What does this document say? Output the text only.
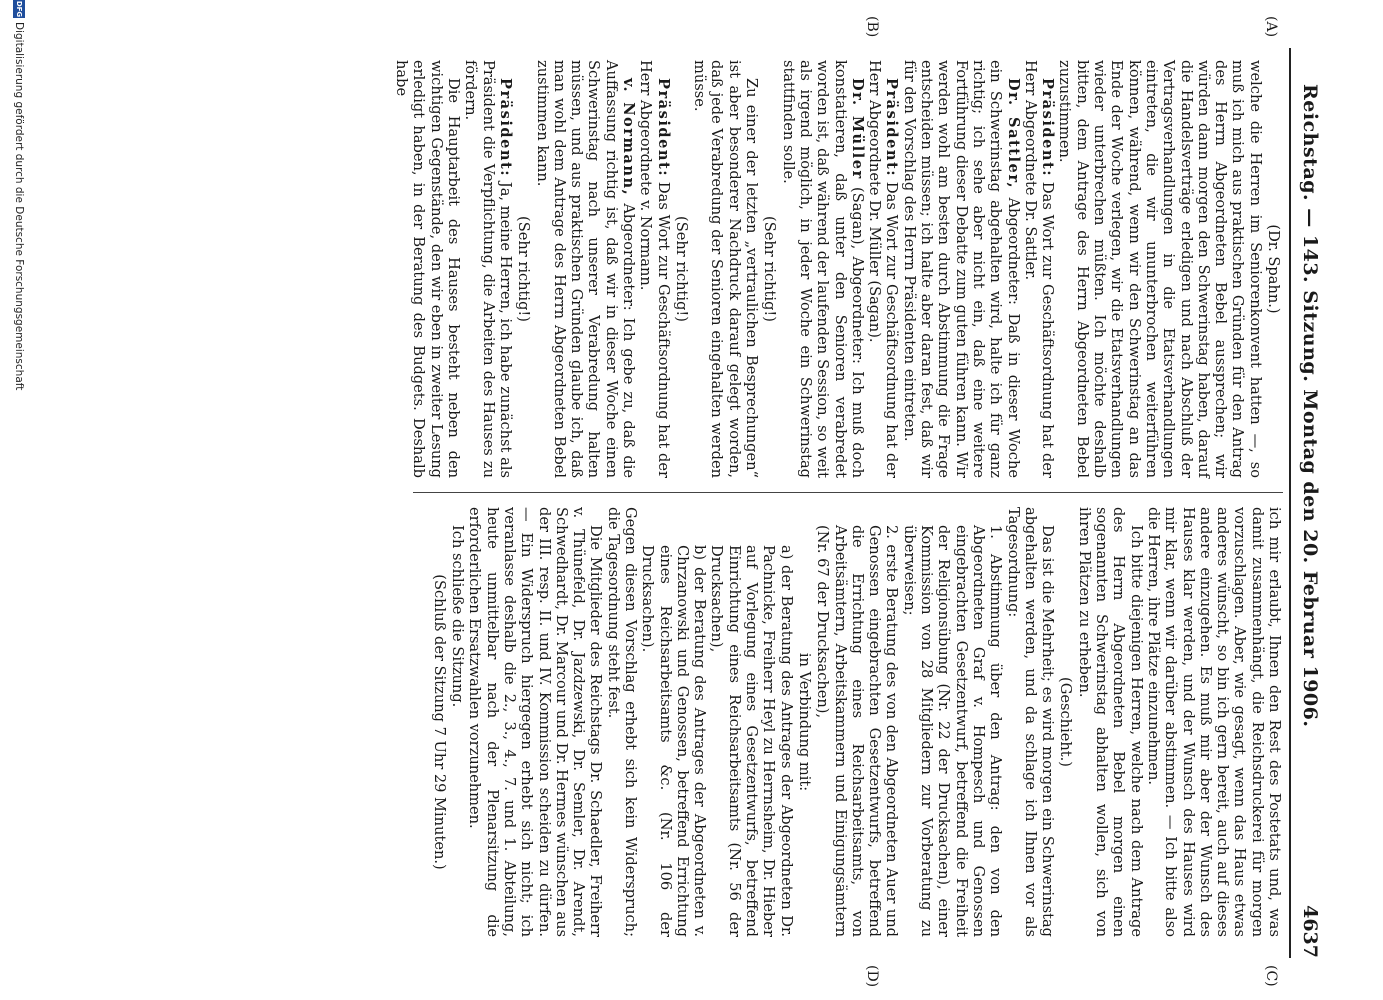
Reichstag. — 143. Sitzung. Montag den 20. Februar 1906.
4637
(A)
(B)
(C)
(D)

(Dr. Spahn.)

welche die Herren im Seniorenkonvent hatten —, so muß ich mich aus praktischen Gründen für den Antrag des Herrn Abgeordneten Bebel aussprechen; wir würden dann morgen den Schwerinstag haben, darauf die Handelsverträge erledigen und nach Abschluß der Vertragsverhandlungen in die Etatsverhandlungen eintreten, die wir ununterbrochen weiterführen können, während, wenn wir den Schwerinstag an das Ende der Woche verlegen, wir die Etatsverhandlungen wieder unterbrechen müßten. Ich möchte deshalb bitten, dem Antrage des Herrn Abgeordneten Bebel zuzustimmen.

Präsident: Das Wort zur Geschäftsordnung hat der Herr Abgeordnete Dr. Sattler.

Dr. Sattler, Abgeordneter: Daß in dieser Woche ein Schwerinstag abgehalten wird, halte ich für ganz richtig; ich sehe aber nicht ein, daß eine weitere Fortführung dieser Debatte zum guten führen kann. Wir werden wohl am besten durch Abstimmung die Frage entscheiden müssen; ich halte aber daran fest, daß wir für den Vorschlag des Herrn Präsidenten eintreten.

Präsident: Das Wort zur Geschäftsordnung hat der Herr Abgeordnete Dr. Müller (Sagan).

Dr. Müller (Sagan), Abgeordneter: Ich muß doch konstatieren, daß unter den Senioren verabredet worden ist, daß während der laufenden Session, so weit als irgend möglich, in jeder Woche ein Schwerinstag stattfinden solle.

(Sehr richtig!)

Zu einer der letzten „vertraulichen Besprechungen“ ist aber besonderer Nachdruck darauf gelegt worden, daß jede Verabredung der Senioren eingehalten werden müsse.

(Sehr richtig!)

Präsident: Das Wort zur Geschäftsordnung hat der Herr Abgeordnete v. Normann.

v. Normann, Abgeordneter: Ich gebe zu, daß die Auffassung richtig ist, daß wir in dieser Woche einen Schwerinstag nach unserer Verabredung halten müssen, und aus praktischen Gründen glaube ich, daß man wohl dem Antrage des Herrn Abgeordneten Bebel zustimmen kann.

(Sehr richtig!)

Präsident: Ja, meine Herren, ich habe zunächst als Präsident die Verpflichtung, die Arbeiten des Hauses zu fördern.

Die Hauptarbeit des Hauses besteht neben den wichtigen Gegenstände, den wir eben in zweiter Lesung erledigt haben, in der Beratung des Budgets. Deshalb habe

ich mir erlaubt, Ihnen den Rest des Postetats und, was damit zusammenhängt, die Reichsdruckerei für morgen vorzuschlagen. Aber, wie gesagt, wenn das Haus etwas anderes wünscht, so bin ich gern bereit, auch auf dieses andere einzugehen. Es muß mir aber der Wunsch des Hauses klar werden, und der Wunsch des Hauses wird mir klar, wenn wir darüber abstimmen. — Ich bitte also die Herren, ihre Plätze einzunehmen.

Ich bitte diejenigen Herren, welche nach dem Antrage des Herrn Abgeordneten Bebel morgen einen sogenannten Schwerinstag abhalten wollen, sich von ihren Plätzen zu erheben.

(Geschieht.)

Das ist die Mehrheit; es wird morgen ein Schwerinstag abgehalten werden, und da schlage ich Ihnen vor als Tagesordnung:

1. Abstimmung über den Antrag: den von den Abgeordneten Graf v. Hompesch und Genossen eingebrachten Gesetzentwurf, betreffend die Freiheit der Religionsübung (Nr. 22 der Drucksachen), einer Kommission von 28 Mitgliedern zur Vorberatung zu überweisen;

2. erste Beratung des von den Abgeordneten Auer und Genossen eingebrachten Gesetzentwurfs, betreffend die Errichtung eines Reichsarbeitsamts, von Arbeitsämtern, Arbeitskammern und Einigungsämtern (Nr. 67 der Drucksachen),

in Verbindung mit:

a) der Beratung des Antrages der Abgeordneten Dr. Pachnicke, Freiherr Heyl zu Herrnsheim, Dr. Hieber auf Vorlegung eines Gesetzentwurfs, betreffend Einrichtung eines Reichsarbeitsamts (Nr. 56 der Drucksachen),

b) der Beratung des Antrages der Abgeordneten v. Chrzanowski und Genossen, betreffend Errichtung eines Reichsarbeitsamts &c. (Nr. 106 der Drucksachen).

Gegen diesen Vorschlag erhebt sich kein Widerspruch; die Tagesordnung steht fest.

Die Mitglieder des Reichstags Dr. Schaedler, Freiherr v. Thünefeld, Dr. Jazdzewski, Dr. Semler, Dr. Arendt, Schwedhardt, Dr. Marcour und Dr. Hermes wünschen aus der III. resp. II. und IV. Kommission scheiden zu dürfen. — Ein Widerspruch hiergegen erhebt sich nicht; ich veranlasse deshalb die 2., 3., 4., 7. und 1. Abteilung, heute unmittelbar nach der Plenarsitzung die erforderlichen Ersatzwahlen vorzunehmen.

Ich schließe die Sitzung.

(Schluß der Sitzung 7 Uhr 29 Minuten.)

DFGDigitalisierung gefördert durch die Deutsche Forschungsgemeinschaft
